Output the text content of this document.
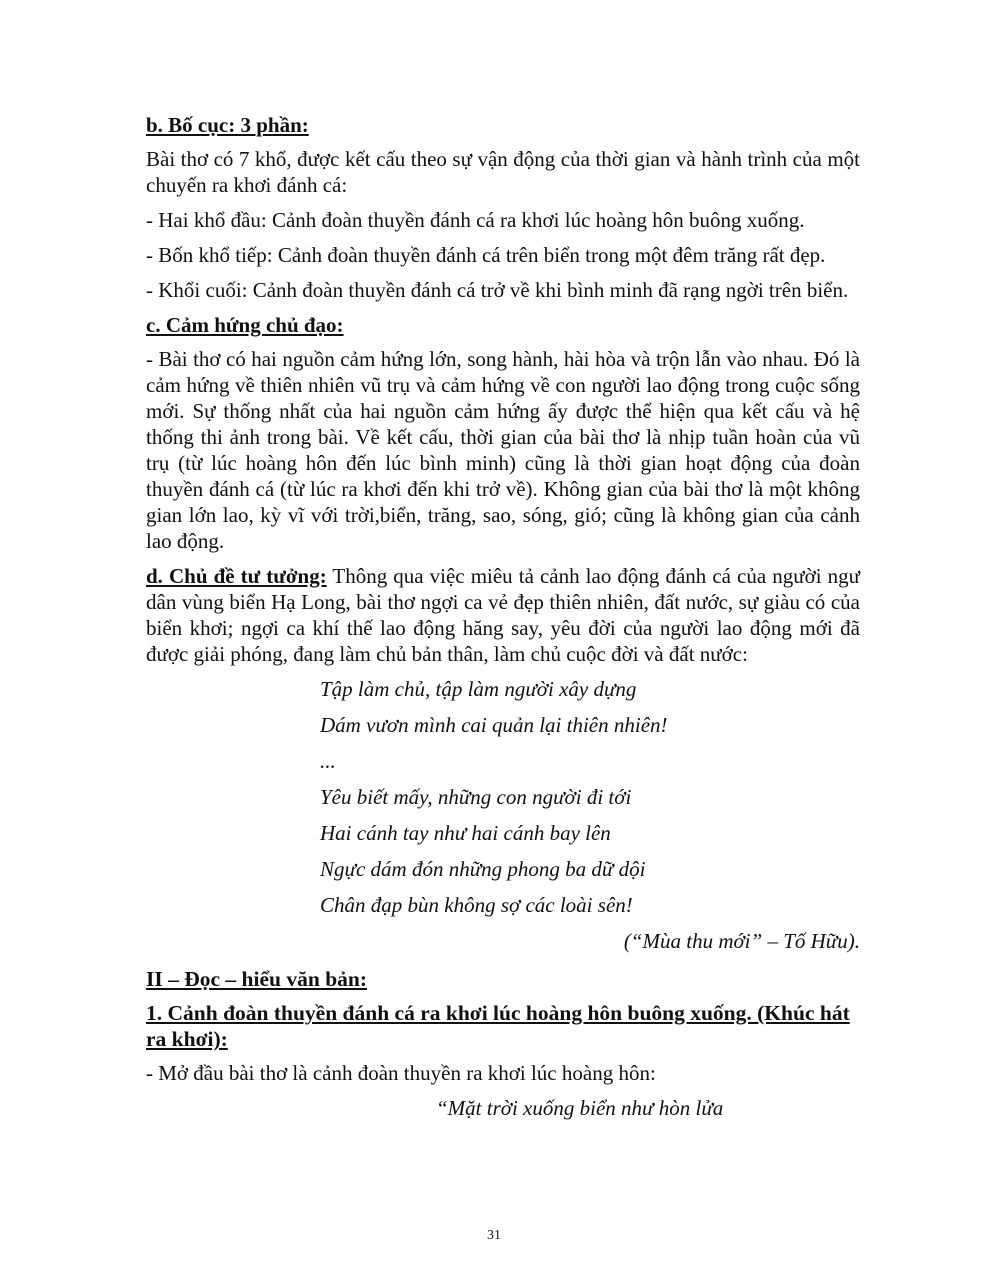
b. Bố cục: 3 phần:
Bài thơ có 7 khổ, được kết cấu theo sự vận động của thời gian và hành trình của một chuyến ra khơi đánh cá:
- Hai khổ đầu: Cảnh đoàn thuyền đánh cá ra khơi lúc hoàng hôn buông xuống.
- Bốn khổ tiếp: Cảnh đoàn thuyền đánh cá trên biển trong một đêm trăng rất đẹp.
- Khổi cuối: Cảnh đoàn thuyền đánh cá trở về khi bình minh đã rạng ngời trên biển.
c. Cảm hứng chủ đạo:
- Bài thơ có hai nguồn cảm hứng lớn, song hành, hài hòa và trộn lẫn vào nhau. Đó là cảm hứng về thiên nhiên vũ trụ và cảm hứng về con người lao động trong cuộc sống mới. Sự thống nhất của hai nguồn cảm hứng ấy được thể hiện qua kết cấu và hệ thống thi ảnh trong bài. Về kết cấu, thời gian của bài thơ là nhịp tuần hoàn của vũ trụ (từ lúc hoàng hôn đến lúc bình minh) cũng là thời gian hoạt động của đoàn thuyền đánh cá (từ lúc ra khơi đến khi trở về). Không gian của bài thơ là một không gian lớn lao, kỳ vĩ với trời,biển, trăng, sao, sóng, gió; cũng là không gian của cảnh lao động.
d. Chủ đề tư tưởng: Thông qua việc miêu tả cảnh lao động đánh cá của người ngư dân vùng biển Hạ Long, bài thơ ngợi ca vẻ đẹp thiên nhiên, đất nước, sự giàu có của biển khơi; ngợi ca khí thế lao động hăng say, yêu đời của người lao động mới đã được giải phóng, đang làm chủ bản thân, làm chủ cuộc đời và đất nước:
Tập làm chủ, tập làm người xây dựng
Dám vươn mình cai quản lại thiên nhiên!
...
Yêu biết mấy, những con người đi tới
Hai cánh tay như hai cánh bay lên
Ngực dám đón những phong ba dữ dội
Chân đạp bùn không sợ các loài sên!
(“Mùa thu mới” – Tố Hữu).
II – Đọc – hiểu văn bản:
1. Cảnh đoàn thuyền đánh cá ra khơi lúc hoàng hôn buông xuống. (Khúc hát ra khơi):
- Mở đầu bài thơ là cảnh đoàn thuyền ra khơi lúc hoàng hôn:
“Mặt trời xuống biển như hòn lửa
31
